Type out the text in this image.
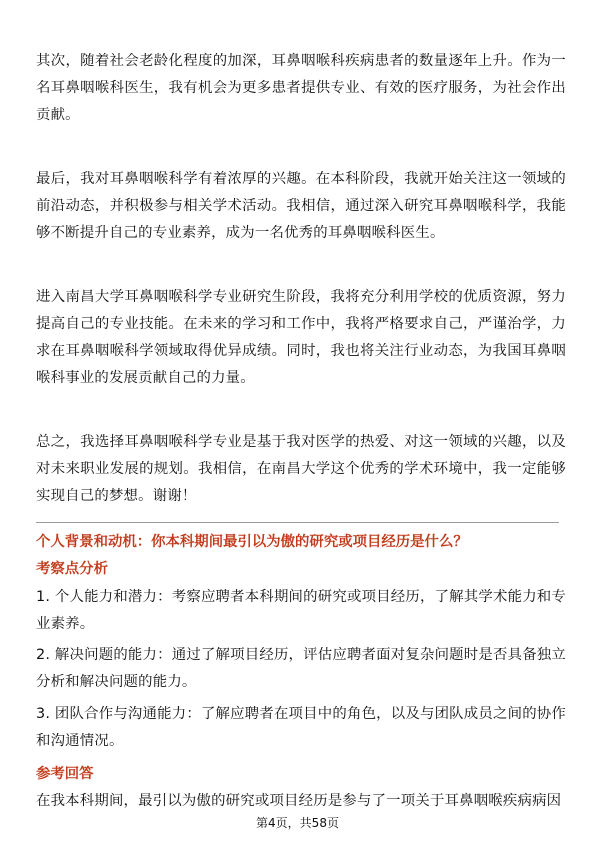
其次，随着社会老龄化程度的加深，耳鼻咽喉科疾病患者的数量逐年上升。作为一名耳鼻咽喉科医生，我有机会为更多患者提供专业、有效的医疗服务，为社会作出贡献。

最后，我对耳鼻咽喉科学有着浓厚的兴趣。在本科阶段，我就开始关注这一领域的前沿动态，并积极参与相关学术活动。我相信，通过深入研究耳鼻咽喉科学，我能够不断提升自己的专业素养，成为一名优秀的耳鼻咽喉科医生。

进入南昌大学耳鼻咽喉科学专业研究生阶段，我将充分利用学校的优质资源，努力提高自己的专业技能。在未来的学习和工作中，我将严格要求自己，严谨治学，力求在耳鼻咽喉科学领域取得优异成绩。同时，我也将关注行业动态，为我国耳鼻咽喉科事业的发展贡献自己的力量。

总之，我选择耳鼻咽喉科学专业是基于我对医学的热爱、对这一领域的兴趣，以及对未来职业发展的规划。我相信，在南昌大学这个优秀的学术环境中，我一定能够实现自己的梦想。谢谢！

个人背景和动机：你本科期间最引以为傲的研究或项目经历是什么？

考察点分析

1. 个人能力和潜力：考察应聘者本科期间的研究或项目经历，了解其学术能力和专业素养。

2. 解决问题的能力：通过了解项目经历，评估应聘者面对复杂问题时是否具备独立分析和解决问题的能力。

3. 团队合作与沟通能力：了解应聘者在项目中的角色，以及与团队成员之间的协作和沟通情况。

参考回答

在我本科期间，最引以为傲的研究或项目经历是参与了一项关于耳鼻咽喉疾病病因

第4页，共58页
